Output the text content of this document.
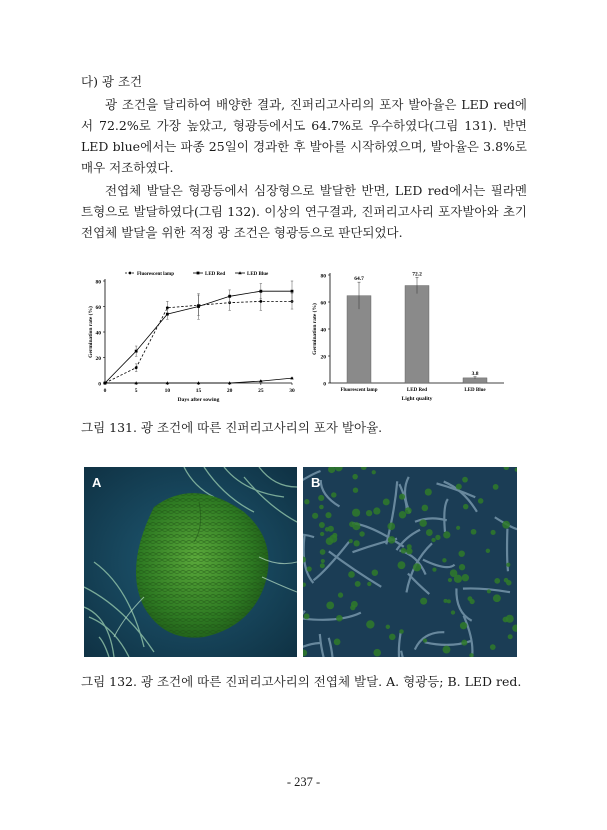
다) 광 조건

광 조건을 달리하여 배양한 결과, 진퍼리고사리의 포자 발아율은 LED red에서 72.2%로 가장 높았고, 형광등에서도 64.7%로 우수하였다(그림 131). 반면 LED blue에서는 파종 25일이 경과한 후 발아를 시작하였으며, 발아율은 3.8%로 매우 저조하였다.

전엽체 발달은 형광등에서 심장형으로 발달한 반면, LED red에서는 필라멘트형으로 발달하였다(그림 132). 이상의 연구결과, 진퍼리고사리 포자발아와 초기 전엽체 발달을 위한 적정 광 조건은 형광등으로 판단되었다.

0
20
40
60
80
0	5	10	15	20	25	30
Days after sowing
Germination rate (%)
Fluorescent lamp	LED Red	LED Blue
0
20
40
60
80
Germination rate (%)
Light quality
64.7
Fluorescent lamp
72.2
LED Red
3.8
LED Blue
그림 131. 광 조건에 따른 진퍼리고사리의 포자 발아율.
A	B
그림 132. 광 조건에 따른 진퍼리고사리의 전엽체 발달. A. 형광등; B. LED red.
- 237 -
